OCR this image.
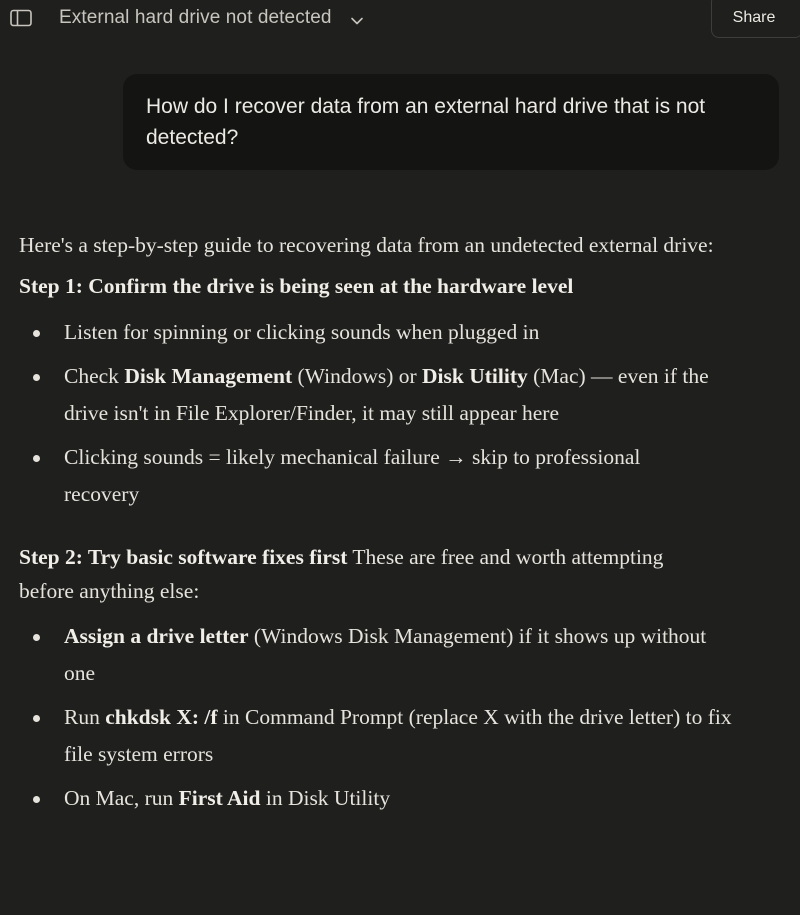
External hard drive not detected	Share

How do I recover data from an external hard drive that is not detected?

Here's a step-by-step guide to recovering data from an undetected external drive:

Step 1: Confirm the drive is being seen at the hardware level

Listen for spinning or clicking sounds when plugged in
Check Disk Management (Windows) or Disk Utility (Mac) — even if the drive isn't in File Explorer/Finder, it may still appear here
Clicking sounds = likely mechanical failure → skip to professional recovery

Step 2: Try basic software fixes first These are free and worth attempting before anything else:

Assign a drive letter (Windows Disk Management) if it shows up without one
Run chkdsk X: /f in Command Prompt (replace X with the drive letter) to fix file system errors
On Mac, run First Aid in Disk Utility
